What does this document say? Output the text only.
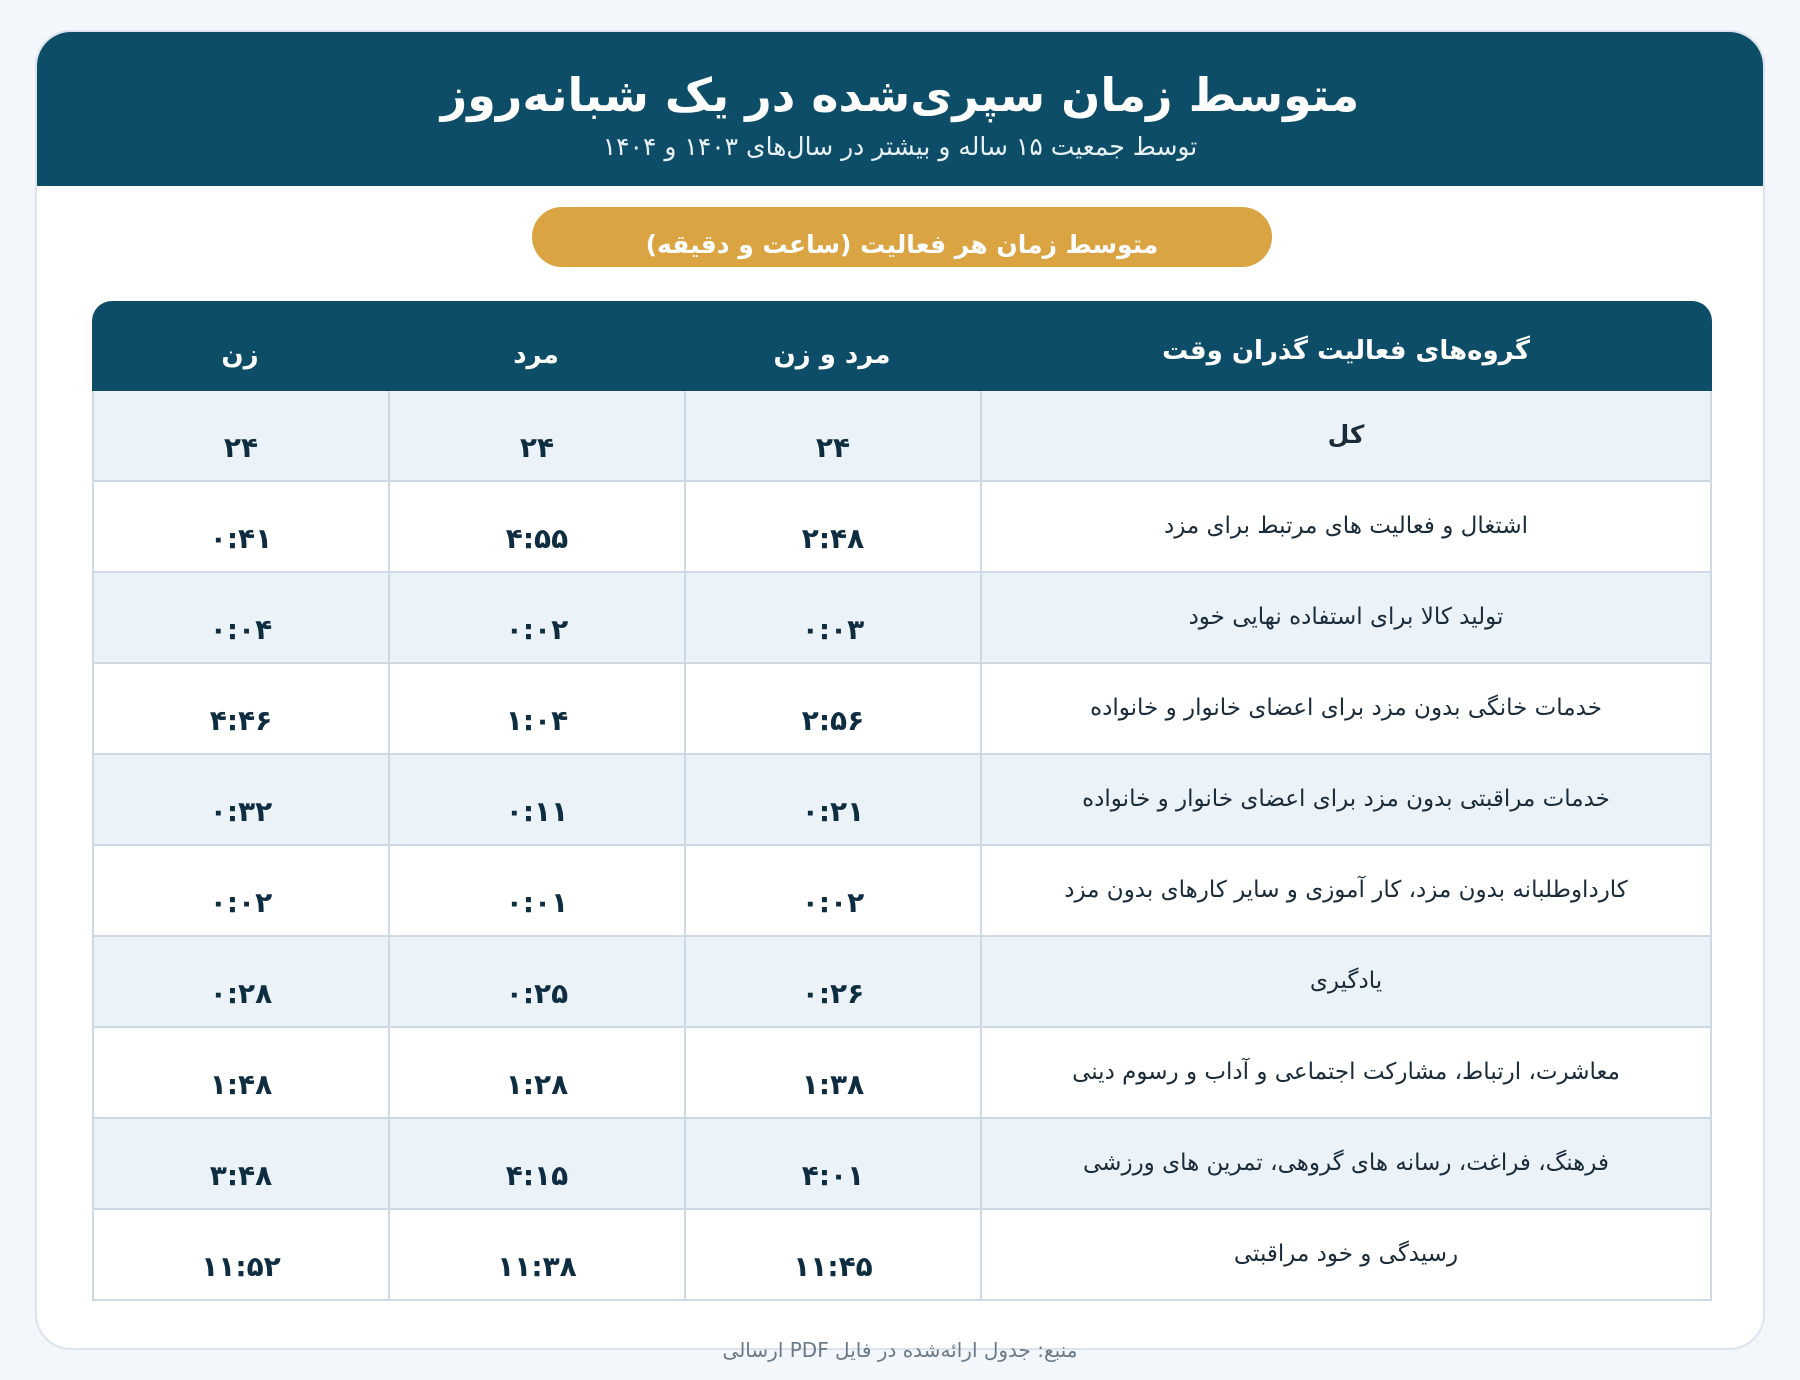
متوسط زمان سپری‌شده در یک شبانه‌روز
توسط جمعیت ۱۵ ساله و بیشتر در سال‌های ۱۴۰۳ و ۱۴۰۴
متوسط زمان هر فعالیت (ساعت و دقیقه)
گروه‌های فعالیت گذران وقت
مرد و زن
مرد
زن
کل
۲۴
۲۴
۲۴
اشتغال و فعالیت های مرتبط برای مزد
۲:۴۸
۴:۵۵
۰:۴۱
تولید کالا برای استفاده نهایی خود
۰:۰۳
۰:۰۲
۰:۰۴
خدمات خانگی بدون مزد برای اعضای خانوار و خانواده
۲:۵۶
۱:۰۴
۴:۴۶
خدمات مراقبتی بدون مزد برای اعضای خانوار و خانواده
۰:۲۱
۰:۱۱
۰:۳۲
کارداوطلبانه بدون مزد، کار آموزی و سایر کارهای بدون مزد
۰:۰۲
۰:۰۱
۰:۰۲
یادگیری
۰:۲۶
۰:۲۵
۰:۲۸
معاشرت، ارتباط، مشارکت اجتماعی و آداب و رسوم دینی
۱:۳۸
۱:۲۸
۱:۴۸
فرهنگ، فراغت، رسانه های گروهی، تمرین های ورزشی
۴:۰۱
۴:۱۵
۳:۴۸
رسیدگی و خود مراقبتی
۱۱:۴۵
۱۱:۳۸
۱۱:۵۲
منبع: جدول ارائه‌شده در فایل PDF ارسالی
